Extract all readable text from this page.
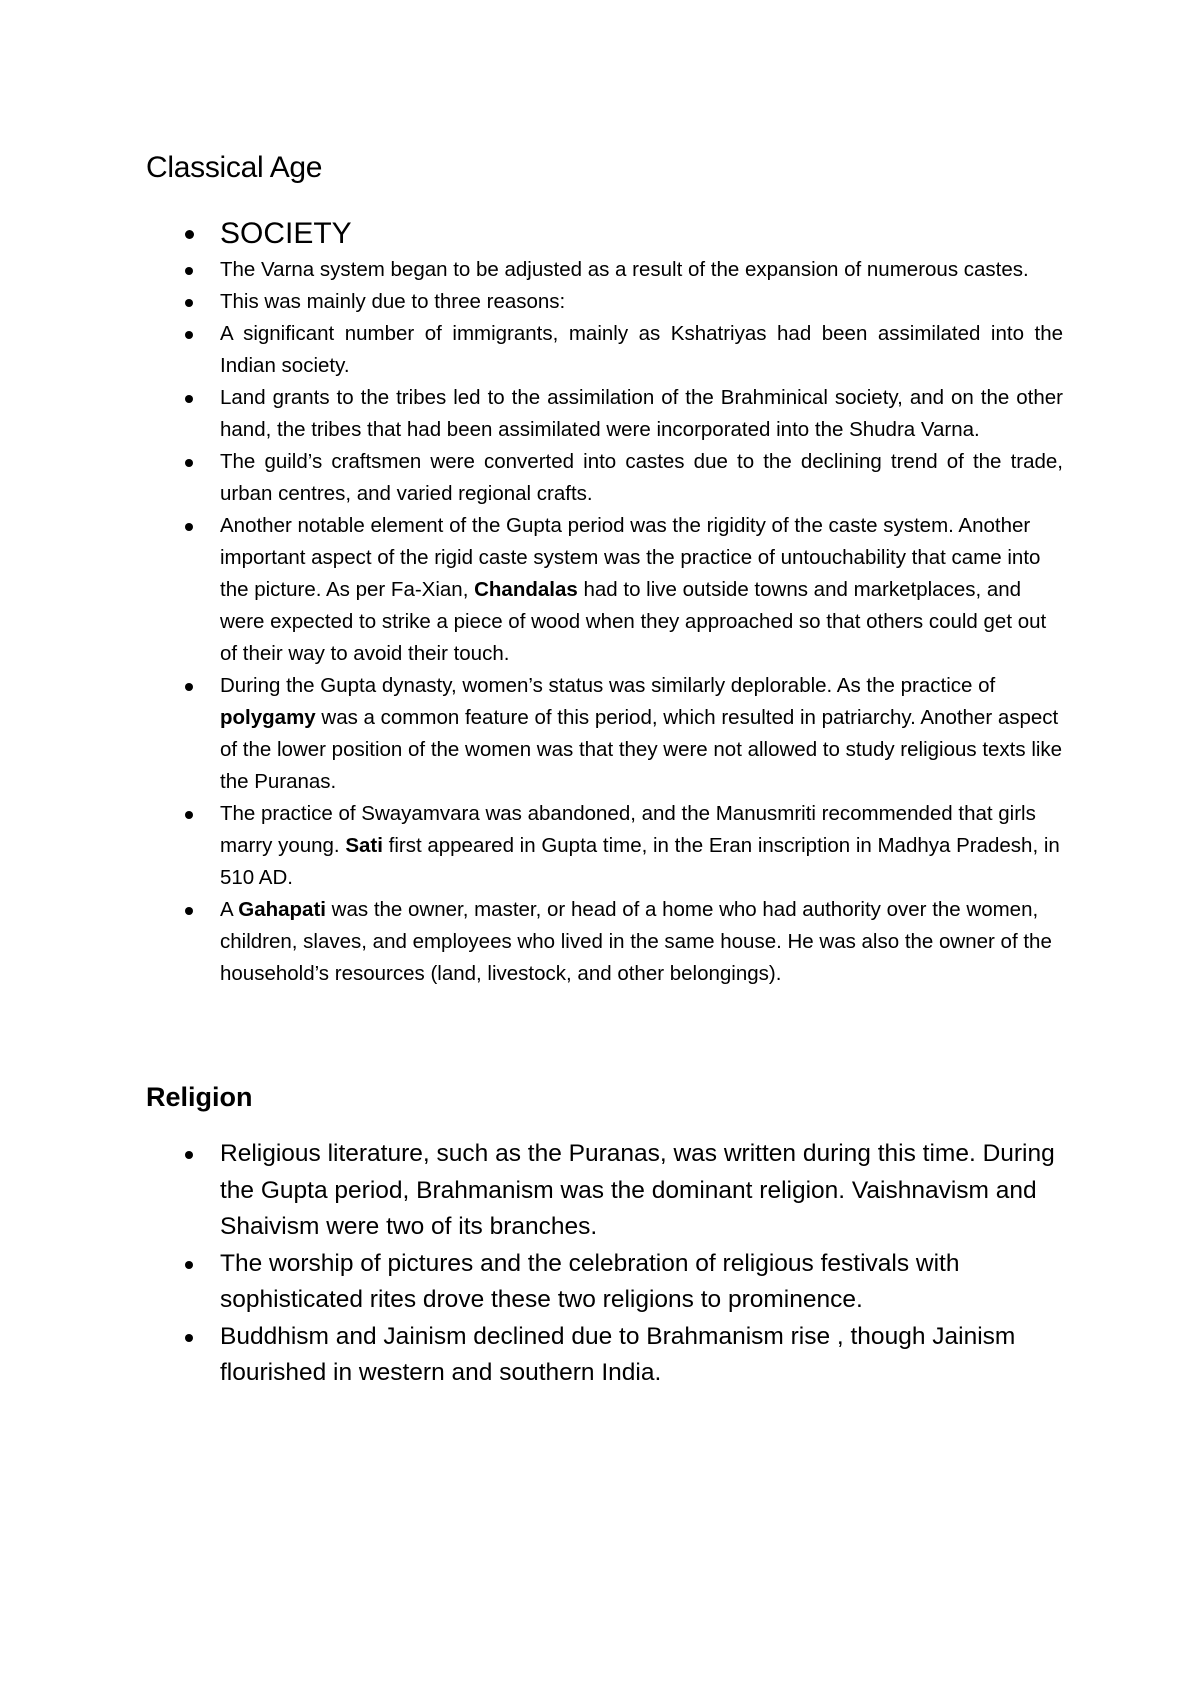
Classical Age
SOCIETY
The Varna system began to be adjusted as a result of the expansion of numerous castes.
This was mainly due to three reasons:
A significant number of immigrants, mainly as Kshatriyas had been assimilated into the Indian society.
Land grants to the tribes led to the assimilation of the Brahminical society, and on the other hand, the tribes that had been assimilated were incorporated into the Shudra Varna.
The guild’s craftsmen were converted into castes due to the declining trend of the trade, urban centres, and varied regional crafts.
Another notable element of the Gupta period was the rigidity of the caste system. Another important aspect of the rigid caste system was the practice of untouchability that came into the picture. As per Fa-Xian, Chandalas had to live outside towns and marketplaces, and were expected to strike a piece of wood when they approached so that others could get out of their way to avoid their touch.
During the Gupta dynasty, women’s status was similarly deplorable. As the practice of polygamy was a common feature of this period, which resulted in patriarchy. Another aspect of the lower position of the women was that they were not allowed to study religious texts like the Puranas.
The practice of Swayamvara was abandoned, and the Manusmriti recommended that girls marry young. Sati first appeared in Gupta time, in the Eran inscription in Madhya Pradesh, in 510 AD.
A Gahapati was the owner, master, or head of a home who had authority over the women, children, slaves, and employees who lived in the same house. He was also the owner of the household’s resources (land, livestock, and other belongings).
Religion
Religious literature, such as the Puranas, was written during this time. During the Gupta period, Brahmanism was the dominant religion. Vaishnavism and Shaivism were two of its branches.
The worship of pictures and the celebration of religious festivals with sophisticated rites drove these two religions to prominence.
Buddhism and Jainism declined due to Brahmanism rise , though Jainism flourished in western and southern India.
